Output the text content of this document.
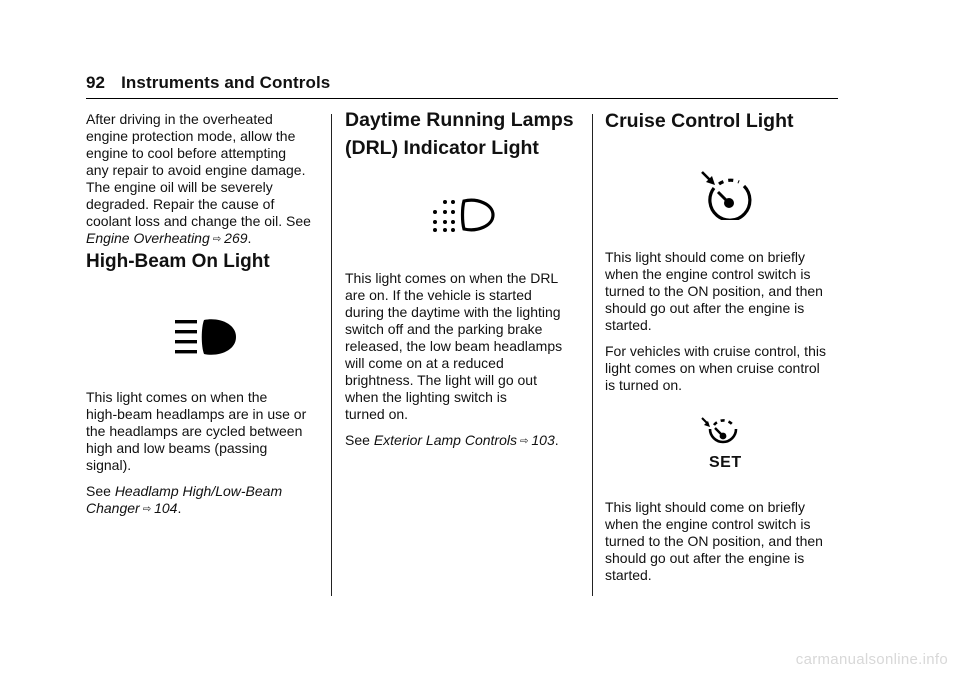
92 Instruments and Controls
After driving in the overheated
engine protection mode, allow the
engine to cool before attempting
any repair to avoid engine damage.
The engine oil will be severely
degraded. Repair the cause of
coolant loss and change the oil. See
Engine Overheating ⇨ 269.
High-Beam On Light

This light comes on when the
high-beam headlamps are in use or
the headlamps are cycled between
high and low beams (passing
signal).

See Headlamp High/Low-Beam
Changer ⇨ 104.
Daytime Running Lamps
(DRL) Indicator Light

This light comes on when the DRL
are on. If the vehicle is started
during the daytime with the lighting
switch off and the parking brake
released, the low beam headlamps
will come on at a reduced
brightness. The light will go out
when the lighting switch is
turned on.

See Exterior Lamp Controls ⇨ 103.
Cruise Control Light

This light should come on briefly
when the engine control switch is
turned to the ON position, and then
should go out after the engine is
started.

For vehicles with cruise control, this
light comes on when cruise control
is turned on.

SET

This light should come on briefly
when the engine control switch is
turned to the ON position, and then
should go out after the engine is
started.

carmanualsonline.info
